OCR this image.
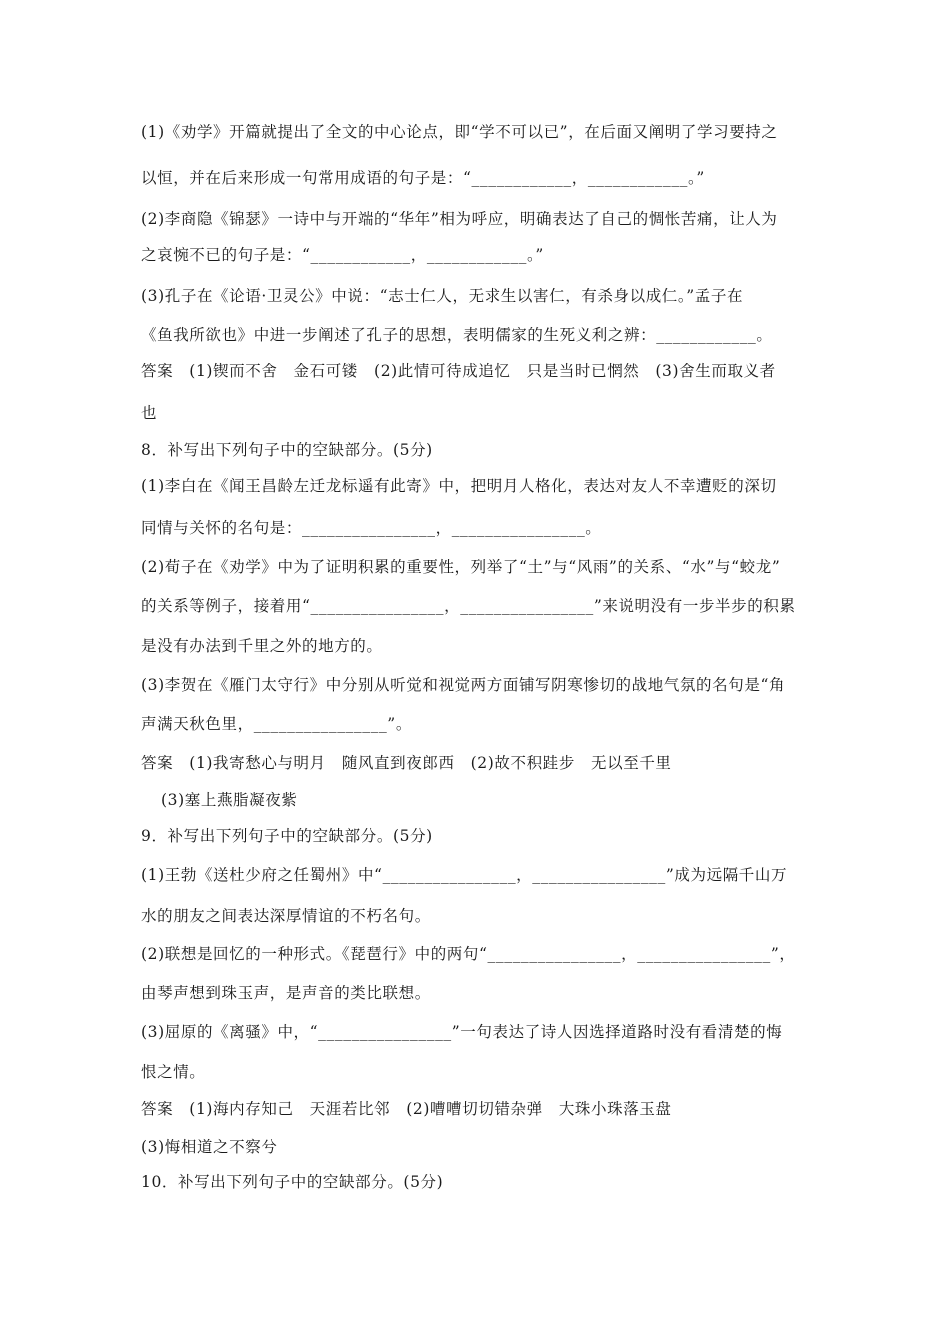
(1)《劝学》开篇就提出了全文的中心论点，即“学不可以已”，在后面又阐明了学习要持之
以恒，并在后来形成一句常用成语的句子是：“____________，____________。”
(2)李商隐《锦瑟》一诗中与开端的“华年”相为呼应，明确表达了自己的惆怅苦痛，让人为
之哀惋不已的句子是：“____________，____________。”
(3)孔子在《论语·卫灵公》中说：“志士仁人，无求生以害仁，有杀身以成仁。”孟子在
《鱼我所欲也》中进一步阐述了孔子的思想，表明儒家的生死义利之辨：____________。
答案　(1)锲而不舍　金石可镂　(2)此情可待成追忆　只是当时已惘然　(3)舍生而取义者
也
8．补写出下列句子中的空缺部分。(5分)
(1)李白在《闻王昌龄左迁龙标遥有此寄》中，把明月人格化，表达对友人不幸遭贬的深切
同情与关怀的名句是：________________，________________。
(2)荀子在《劝学》中为了证明积累的重要性，列举了“土”与“风雨”的关系、“水”与“蛟龙”
的关系等例子，接着用“________________，________________”来说明没有一步半步的积累
是没有办法到千里之外的地方的。
(3)李贺在《雁门太守行》中分别从听觉和视觉两方面铺写阴寒惨切的战地气氛的名句是“角
声满天秋色里，________________”。
答案　(1)我寄愁心与明月　随风直到夜郎西　(2)故不积跬步　无以至千里
(3)塞上燕脂凝夜紫
9．补写出下列句子中的空缺部分。(5分)
(1)王勃《送杜少府之任蜀州》中“________________，________________”成为远隔千山万
水的朋友之间表达深厚情谊的不朽名句。
(2)联想是回忆的一种形式。《琵琶行》中的两句“________________，________________”，
由琴声想到珠玉声，是声音的类比联想。
(3)屈原的《离骚》中，“________________”一句表达了诗人因选择道路时没有看清楚的悔
恨之情。
答案　(1)海内存知己　天涯若比邻　(2)嘈嘈切切错杂弹　大珠小珠落玉盘
(3)悔相道之不察兮
10．补写出下列句子中的空缺部分。(5分)
